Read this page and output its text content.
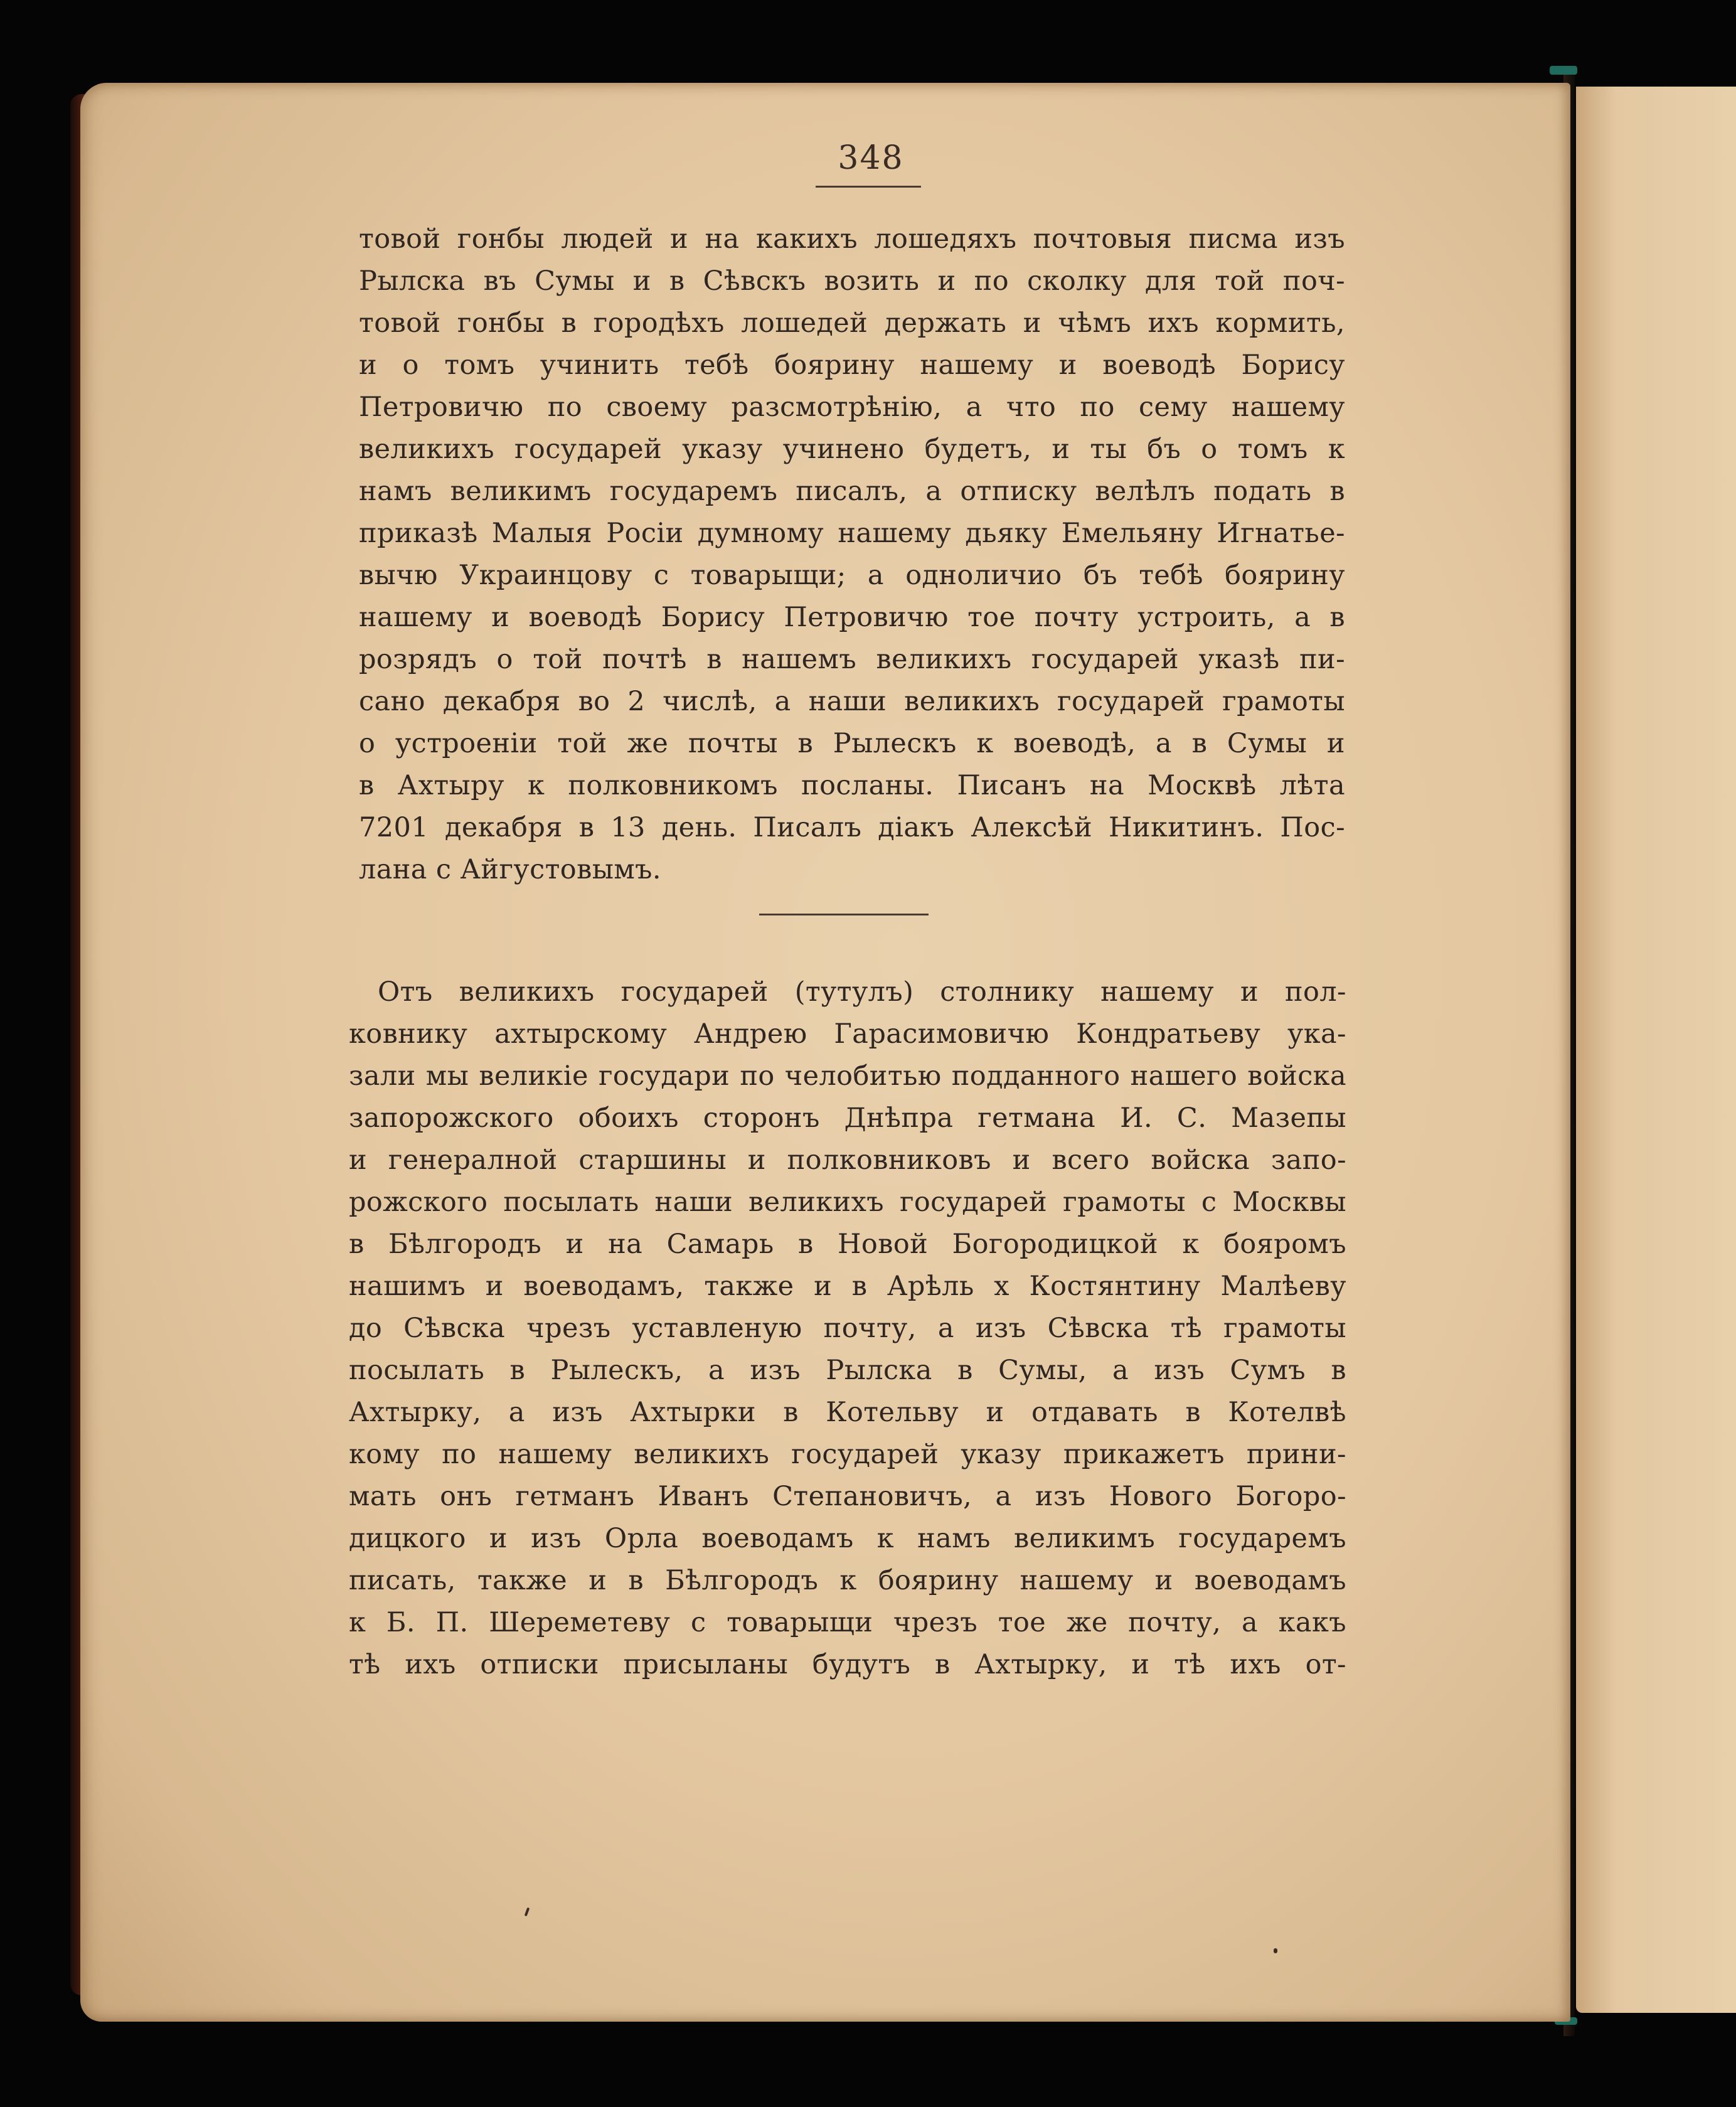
348
товой гонбы людей и на какихъ лошедяхъ почтовыя писма изъ
Рылска въ Сумы и в Сѣвскъ возить и по сколку для той поч-
товой гонбы в городѣхъ лошедей держать и чѣмъ ихъ кормить,
и о томъ учинить тебѣ боярину нашему и воеводѣ Борису
Петровичю по своему разсмотрѣнію, а что по сему нашему
великихъ государей указу учинено будетъ, и ты бъ о томъ к
намъ великимъ государемъ писалъ, а отписку велѣлъ подать в
приказѣ Малыя Росіи думному нашему дьяку Емельяну Игнатье-
вычю Украинцову с товарыщи; а одноличио бъ тебѣ боярину
нашему и воеводѣ Борису Петровичю тое почту устроить, а в
розрядъ о той почтѣ в нашемъ великихъ государей указѣ пи-
сано декабря во 2 числѣ, а наши великихъ государей грамоты
о устроеніи той же почты в Рылескъ к воеводѣ, а в Сумы и
в Ахтыру к полковникомъ посланы. Писанъ на Москвѣ лѣта
7201 декабря в 13 день. Писалъ діакъ Алексѣй Никитинъ. Пос-
лана с Айгустовымъ.
Отъ великихъ государей (тутулъ) столнику нашему и пол-
ковнику ахтырскому Андрею Гарасимовичю Кондратьеву ука-
зали мы великіе государи по челобитью подданного нашего войска
запорожского обоихъ сторонъ Днѣпра гетмана И. С. Мазепы
и генералной старшины и полковниковъ и всего войска запо-
рожского посылать наши великихъ государей грамоты с Москвы
в Бѣлгородъ и на Самарь в Новой Богородицкой к бояромъ
нашимъ и воеводамъ, также и в Арѣль х Костянтину Малѣеву
до Сѣвска чрезъ уставленую почту, а изъ Сѣвска тѣ грамоты
посылать в Рылескъ, а изъ Рылска в Сумы, а изъ Сумъ в
Ахтырку, а изъ Ахтырки в Котельву и отдавать в Котелвѣ
кому по нашему великихъ государей указу прикажетъ прини-
мать онъ гетманъ Иванъ Степановичъ, а изъ Нового Богоро-
дицкого и изъ Орла воеводамъ к намъ великимъ государемъ
писать, также и в Бѣлгородъ к боярину нашему и воеводамъ
к Б. П. Шереметеву с товарыщи чрезъ тое же почту, а какъ
тѣ ихъ отписки присыланы будутъ в Ахтырку, и тѣ ихъ от-
